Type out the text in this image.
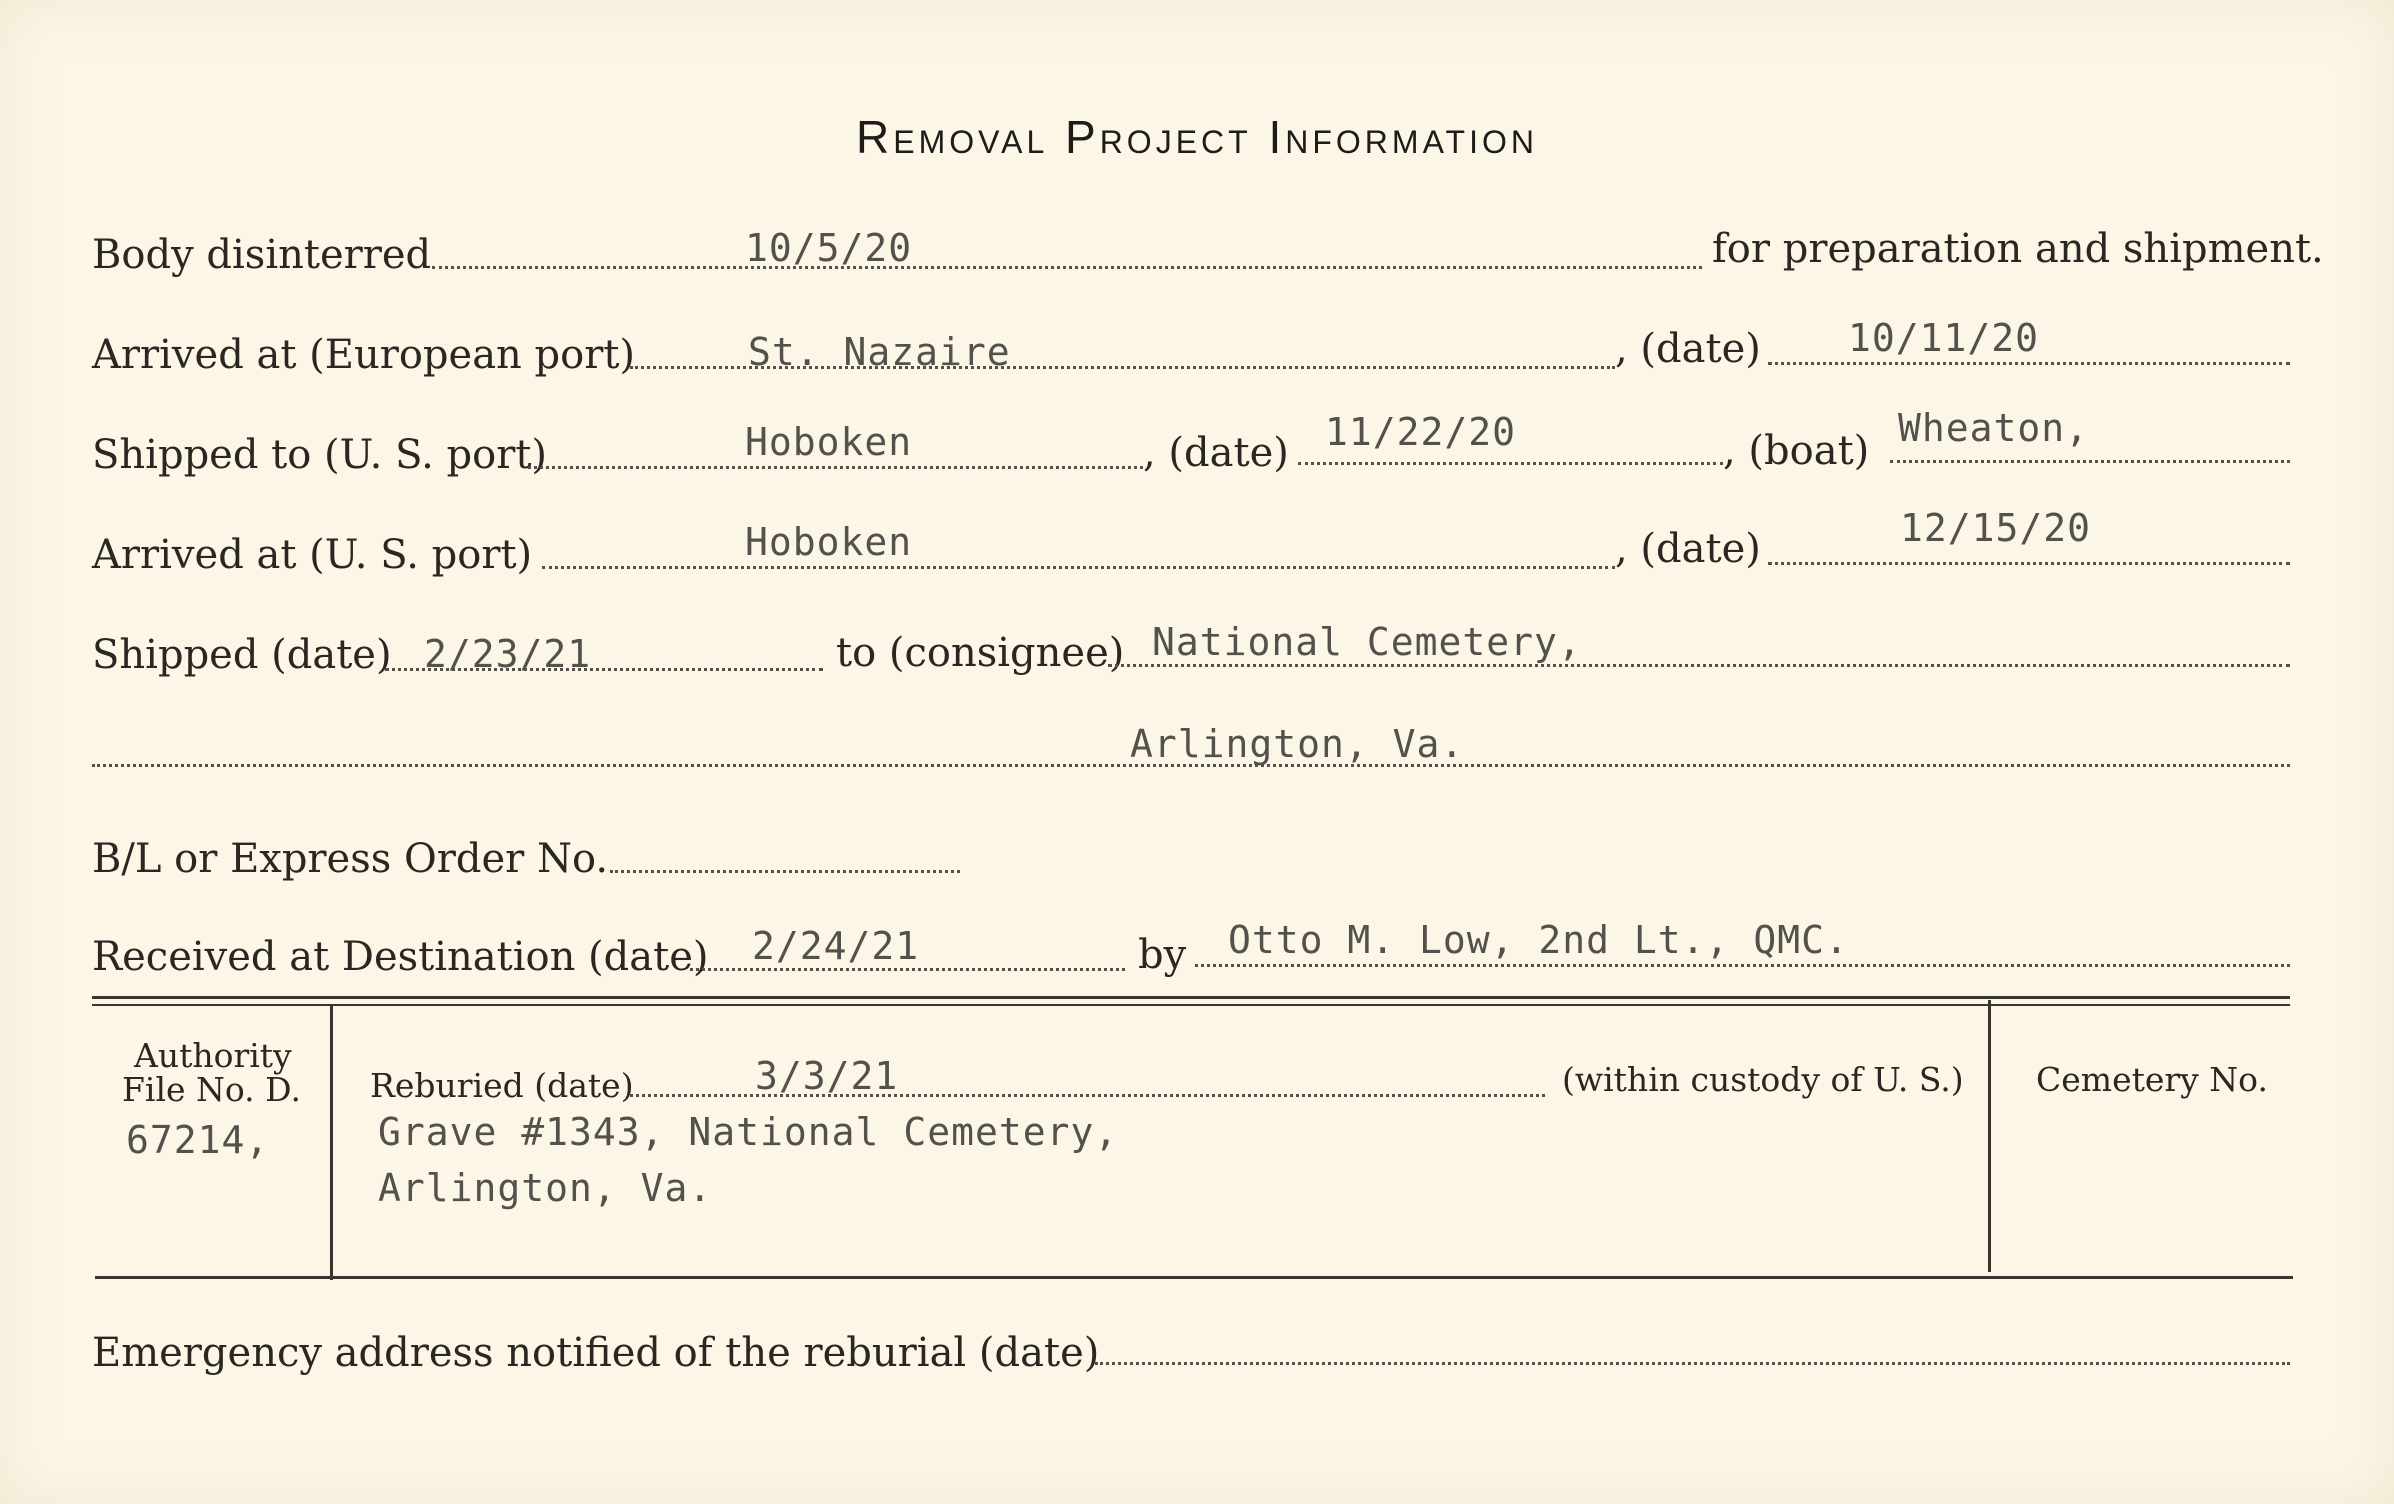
Removal Project Information
Body disinterred	10/5/20	for preparation and shipment.
Arrived at (European port)	St. Nazaire	, (date) 10/11/20
Shipped to (U. S. port)	Hoboken	, (date) 11/22/20	, (boat) Wheaton,
Arrived at (U. S. port)	Hoboken	, (date)	12/15/20
Shipped (date) 2/23/21	to (consignee) National Cemetery,
Arlington, Va.
B/L or Express Order No.
Received at Destination (date) 2/24/21	by Otto M. Low, 2nd Lt., QMC.
Authority
File No. D.
67214,
Reburied (date)	3/3/21	(within custody of U. S.)
Grave #1343, National Cemetery,
Arlington, Va.
Cemetery No.
Emergency address notified of the reburial (date)
